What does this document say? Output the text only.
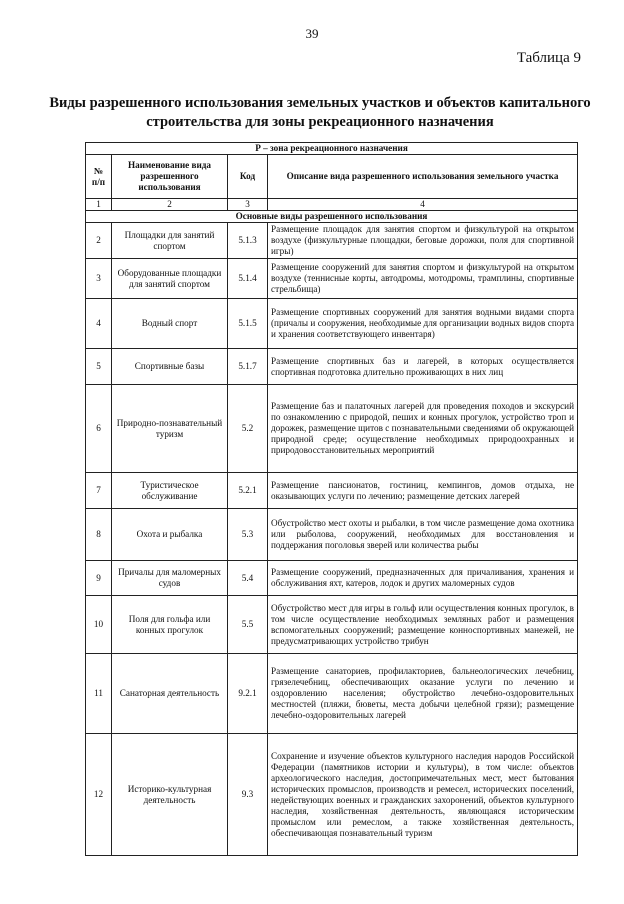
39
Таблица 9
Виды разрешенного использования земельных участков и объектов капитального строительства для зоны рекреационного назначения
Р – зона рекреационного назначения			
№ п/п	Наименование вида разрешенного использования	Код	Описание вида разрешенного использования земельного участка
1	2	3	4
Основные виды разрешенного использования			
2	Площадки для занятий спортом	5.1.3	Размещение площадок для занятия спортом и физкультурой на открытом воздухе (физкультурные площадки, беговые дорожки, поля для спортивной игры)
3	Оборудованные площадки для занятий спортом	5.1.4	Размещение сооружений для занятия спортом и физкультурой на открытом воздухе (теннисные корты, автодромы, мотодромы, трамплины, спортивные стрельбища)
4	Водный спорт	5.1.5	Размещение спортивных сооружений для занятия водными видами спорта (причалы и сооружения, необходимые для организации водных видов спорта и хранения соответствующего инвентаря)
5	Спортивные базы	5.1.7	Размещение спортивных баз и лагерей, в которых осуществляется спортивная подготовка длительно проживающих в них лиц
6	Природно-познавательный туризм	5.2	Размещение баз и палаточных лагерей для проведения походов и экскурсий по ознакомлению с природой, пеших и конных прогулок, устройство троп и дорожек, размещение щитов с познавательными сведениями об окружающей природной среде; осуществление необходимых природоохранных и природовосстановительных мероприятий
7	Туристическое обслуживание	5.2.1	Размещение пансионатов, гостиниц, кемпингов, домов отдыха, не оказывающих услуги по лечению; размещение детских лагерей
8	Охота и рыбалка	5.3	Обустройство мест охоты и рыбалки, в том числе размещение дома охотника или рыболова, сооружений, необходимых для восстановления и поддержания поголовья зверей или количества рыбы
9	Причалы для маломерных судов	5.4	Размещение сооружений, предназначенных для причаливания, хранения и обслуживания яхт, катеров, лодок и других маломерных судов
10	Поля для гольфа или конных прогулок	5.5	Обустройство мест для игры в гольф или осуществления конных прогулок, в том числе осуществление необходимых земляных работ и размещения вспомогательных сооружений; размещение конноспортивных манежей, не предусматривающих устройство трибун
11	Санаторная деятельность	9.2.1	Размещение санаториев, профилакториев, бальнеологических лечебниц, грязелечебниц, обеспечивающих оказание услуги по лечению и оздоровлению населения; обустройство лечебно-оздоровительных местностей (пляжи, бюветы, места добычи целебной грязи); размещение лечебно-оздоровительных лагерей
12	Историко-культурная деятельность	9.3	Сохранение и изучение объектов культурного наследия народов Российской Федерации (памятников истории и культуры), в том числе: объектов археологического наследия, достопримечательных мест, мест бытования исторических промыслов, производств и ремесел, исторических поселений, недействующих военных и гражданских захоронений, объектов культурного наследия, хозяйственная деятельность, являющаяся историческим промыслом или ремеслом, а также хозяйственная деятельность, обеспечивающая познавательный туризм
